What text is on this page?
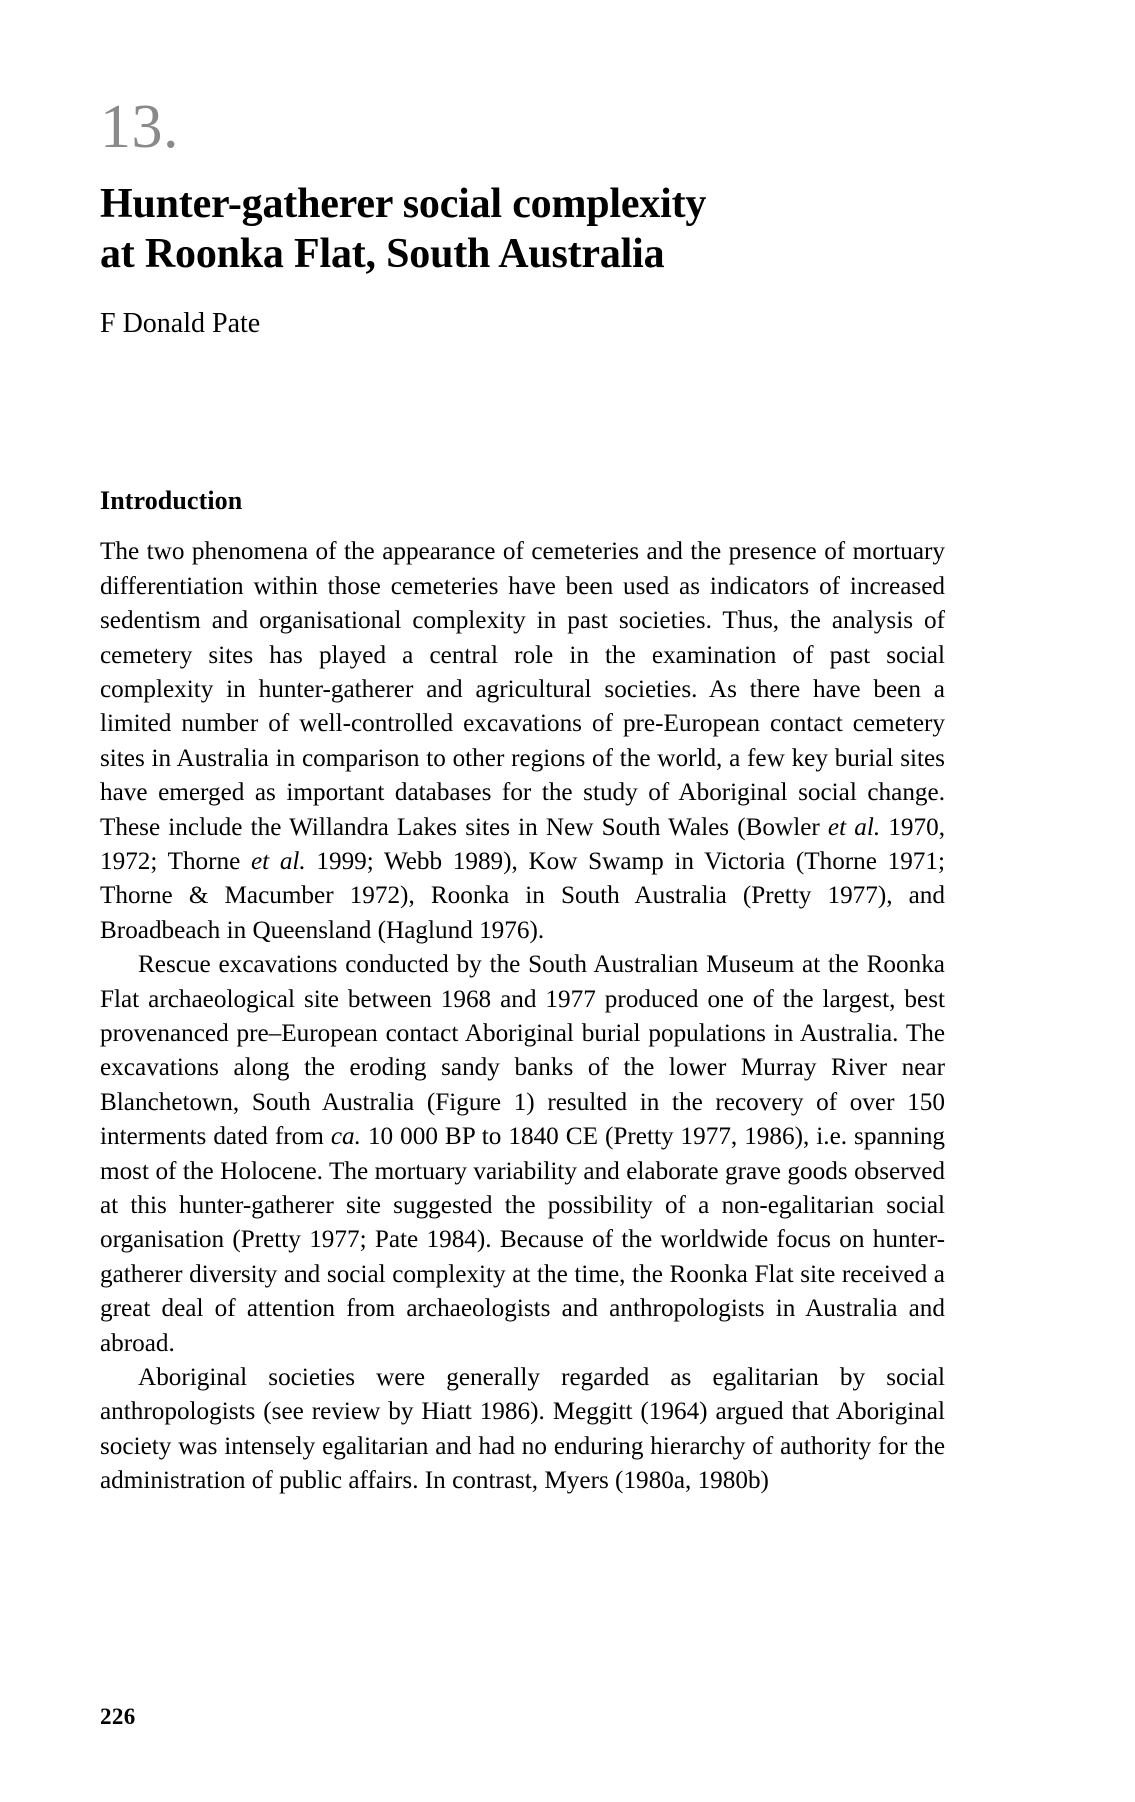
13.
Hunter-gatherer social complexity
at Roonka Flat, South Australia
F Donald Pate
Introduction

The two phenomena of the appearance of cemeteries and the presence of mortuary differentiation within those cemeteries have been used as indicators of increased sedentism and organisational complexity in past societies. Thus, the analysis of cemetery sites has played a central role in the examination of past social complexity in hunter-gatherer and agricultural societies. As there have been a limited number of well-controlled excavations of pre-European contact cemetery sites in Australia in comparison to other regions of the world, a few key burial sites have emerged as important databases for the study of Aboriginal social change. These include the Willandra Lakes sites in New South Wales (Bowler et al. 1970, 1972; Thorne et al. 1999; Webb 1989), Kow Swamp in Victoria (Thorne 1971; Thorne & Macumber 1972), Roonka in South Australia (Pretty 1977), and Broadbeach in Queensland (Haglund 1976).

Rescue excavations conducted by the South Australian Museum at the Roonka Flat archaeological site between 1968 and 1977 produced one of the largest, best provenanced pre–European contact Aboriginal burial populations in Australia. The excavations along the eroding sandy banks of the lower Murray River near Blanchetown, South Australia (Figure 1) resulted in the recovery of over 150 interments dated from ca. 10 000 BP to 1840 CE (Pretty 1977, 1986), i.e. spanning most of the Holocene. The mortuary variability and elaborate grave goods observed at this hunter-gatherer site suggested the possibility of a non-egalitarian social organisation (Pretty 1977; Pate 1984). Because of the worldwide focus on hunter-gatherer diversity and social complexity at the time, the Roonka Flat site received a great deal of attention from archaeologists and anthropologists in Australia and abroad.

Aboriginal societies were generally regarded as egalitarian by social anthropologists (see review by Hiatt 1986). Meggitt (1964) argued that Aboriginal society was intensely egalitarian and had no enduring hierarchy of authority for the administration of public affairs. In contrast, Myers (1980a, 1980b)

226
